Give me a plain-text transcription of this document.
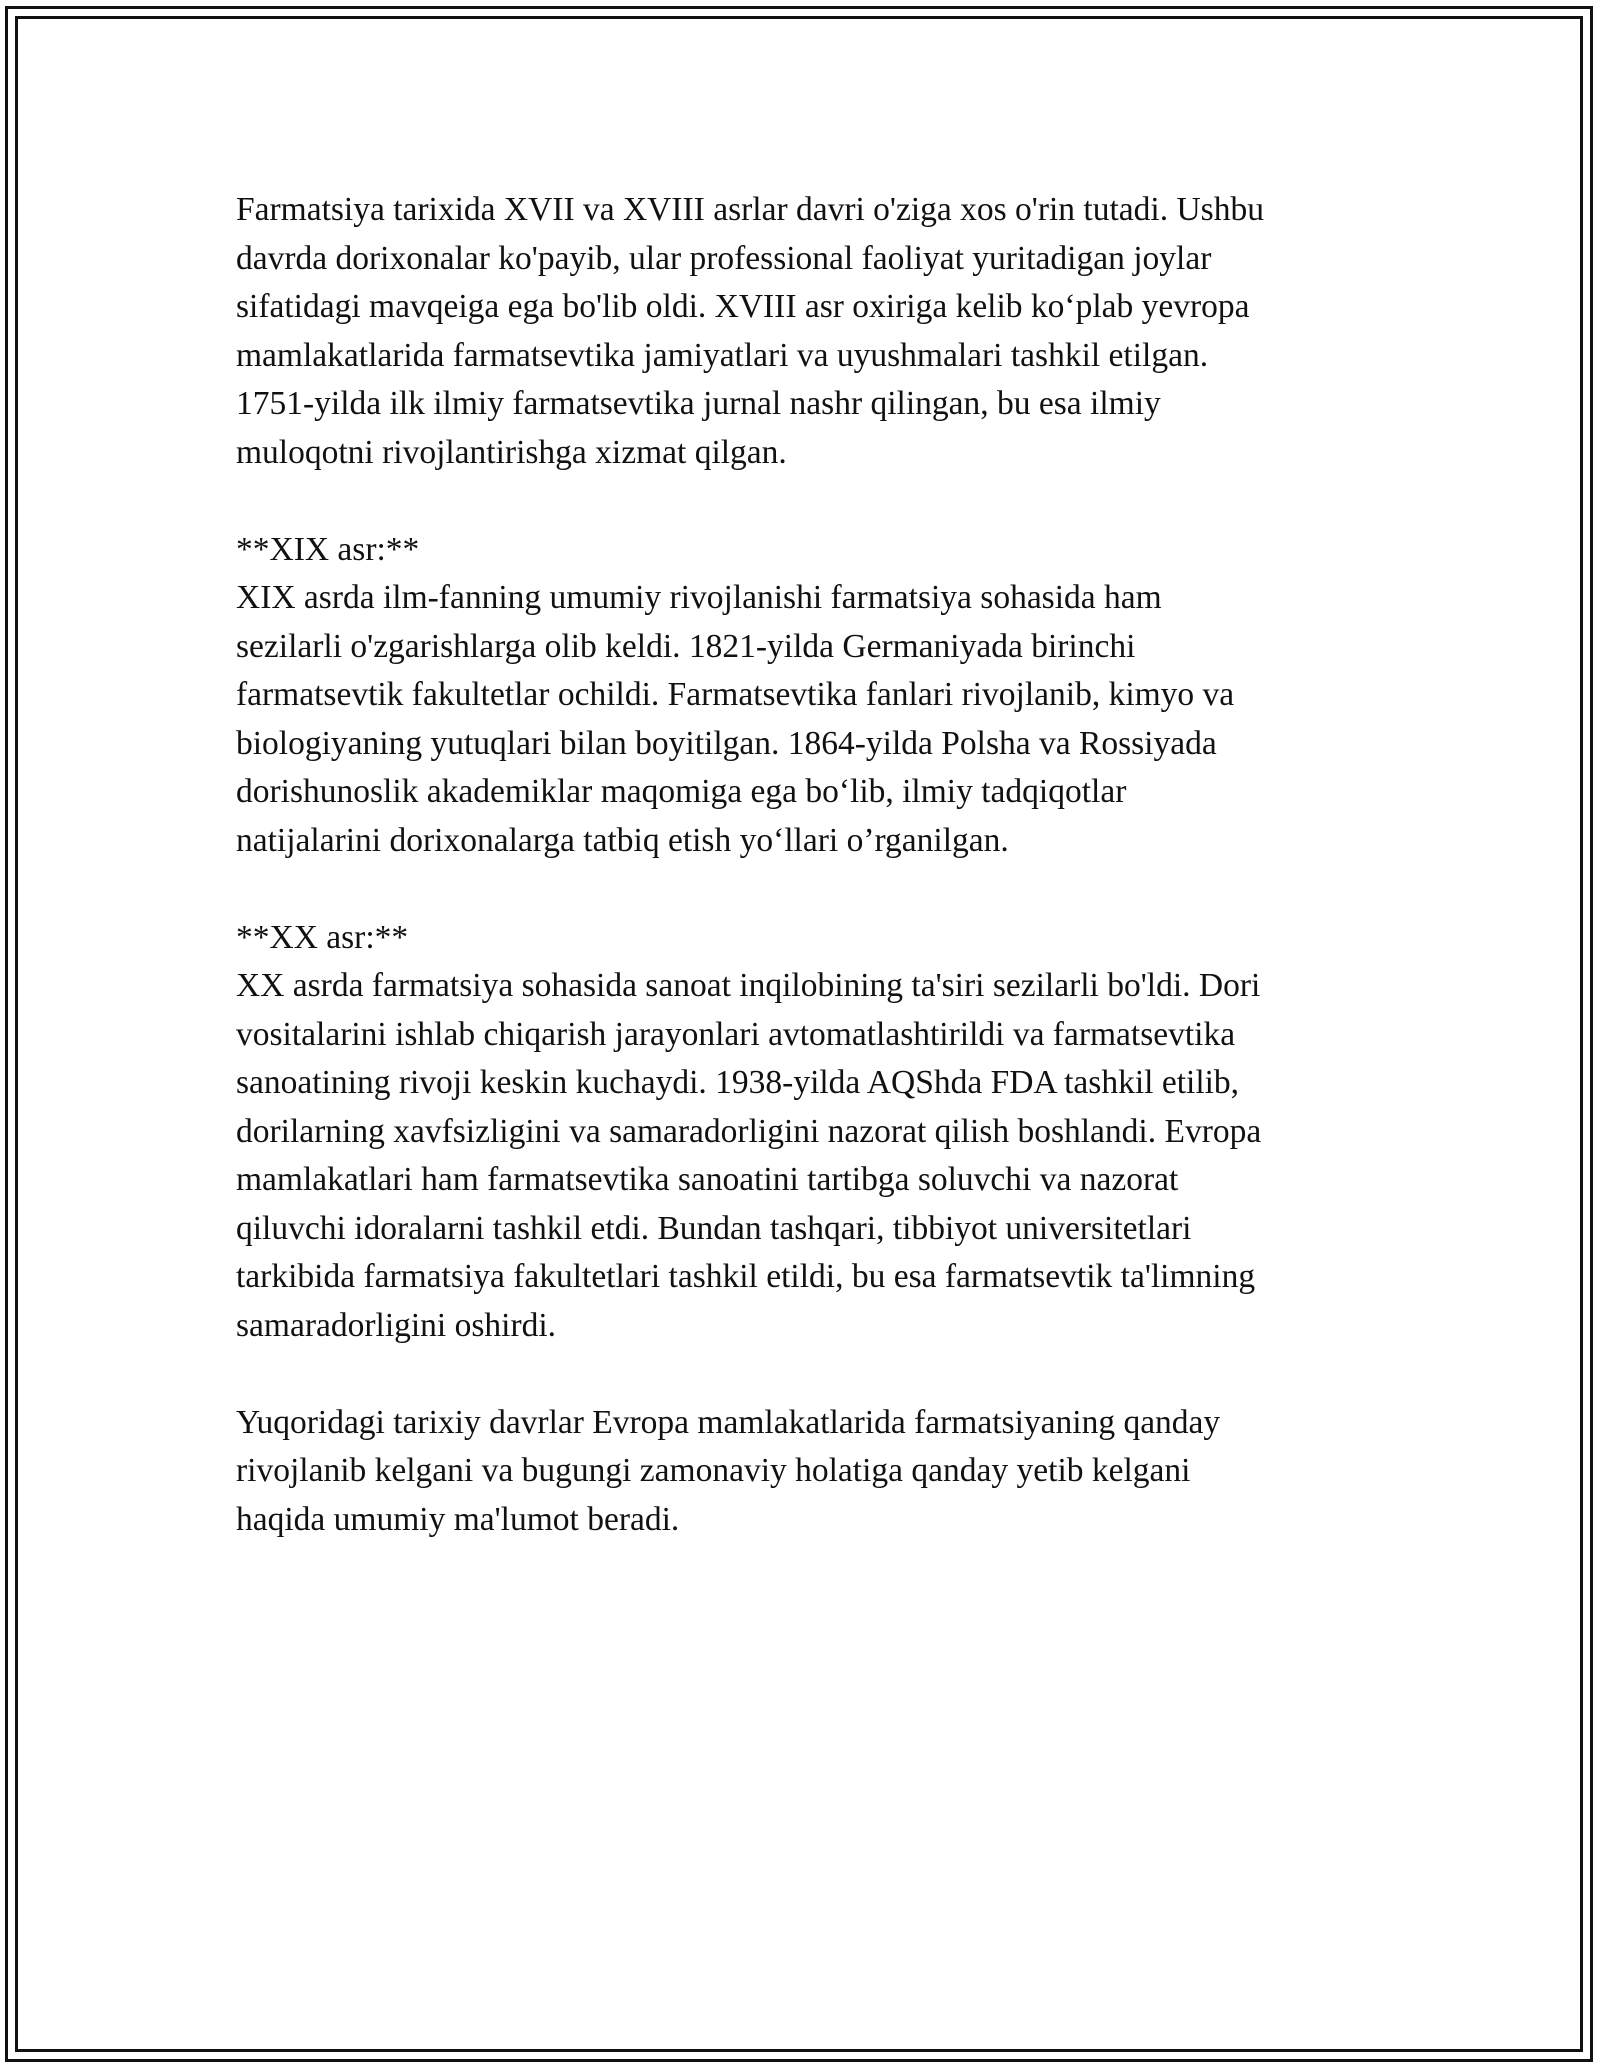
Farmatsiya tarixida XVII va XVIII asrlar davri o'ziga xos o'rin tutadi. Ushbu
davrda dorixonalar ko'payib, ular professional faoliyat yuritadigan joylar
sifatidagi mavqeiga ega bo'lib oldi. XVIII asr oxiriga kelib ko‘plab yevropa
mamlakatlarida farmatsevtika jamiyatlari va uyushmalari tashkil etilgan.
1751-yilda ilk ilmiy farmatsevtika jurnal nashr qilingan, bu esa ilmiy
muloqotni rivojlantirishga xizmat qilgan.
**XIX asr:**
XIX asrda ilm-fanning umumiy rivojlanishi farmatsiya sohasida ham
sezilarli o'zgarishlarga olib keldi. 1821-yilda Germaniyada birinchi
farmatsevtik fakultetlar ochildi. Farmatsevtika fanlari rivojlanib, kimyo va
biologiyaning yutuqlari bilan boyitilgan. 1864-yilda Polsha va Rossiyada
dorishunoslik akademiklar maqomiga ega bo‘lib, ilmiy tadqiqotlar
natijalarini dorixonalarga tatbiq etish yo‘llari o’rganilgan.
**XX asr:**
XX asrda farmatsiya sohasida sanoat inqilobining ta'siri sezilarli bo'ldi. Dori
vositalarini ishlab chiqarish jarayonlari avtomatlashtirildi va farmatsevtika
sanoatining rivoji keskin kuchaydi. 1938-yilda AQShda FDA tashkil etilib,
dorilarning xavfsizligini va samaradorligini nazorat qilish boshlandi. Evropa
mamlakatlari ham farmatsevtika sanoatini tartibga soluvchi va nazorat
qiluvchi idoralarni tashkil etdi. Bundan tashqari, tibbiyot universitetlari
tarkibida farmatsiya fakultetlari tashkil etildi, bu esa farmatsevtik ta'limning
samaradorligini oshirdi.
Yuqoridagi tarixiy davrlar Evropa mamlakatlarida farmatsiyaning qanday
rivojlanib kelgani va bugungi zamonaviy holatiga qanday yetib kelgani
haqida umumiy ma'lumot beradi.
